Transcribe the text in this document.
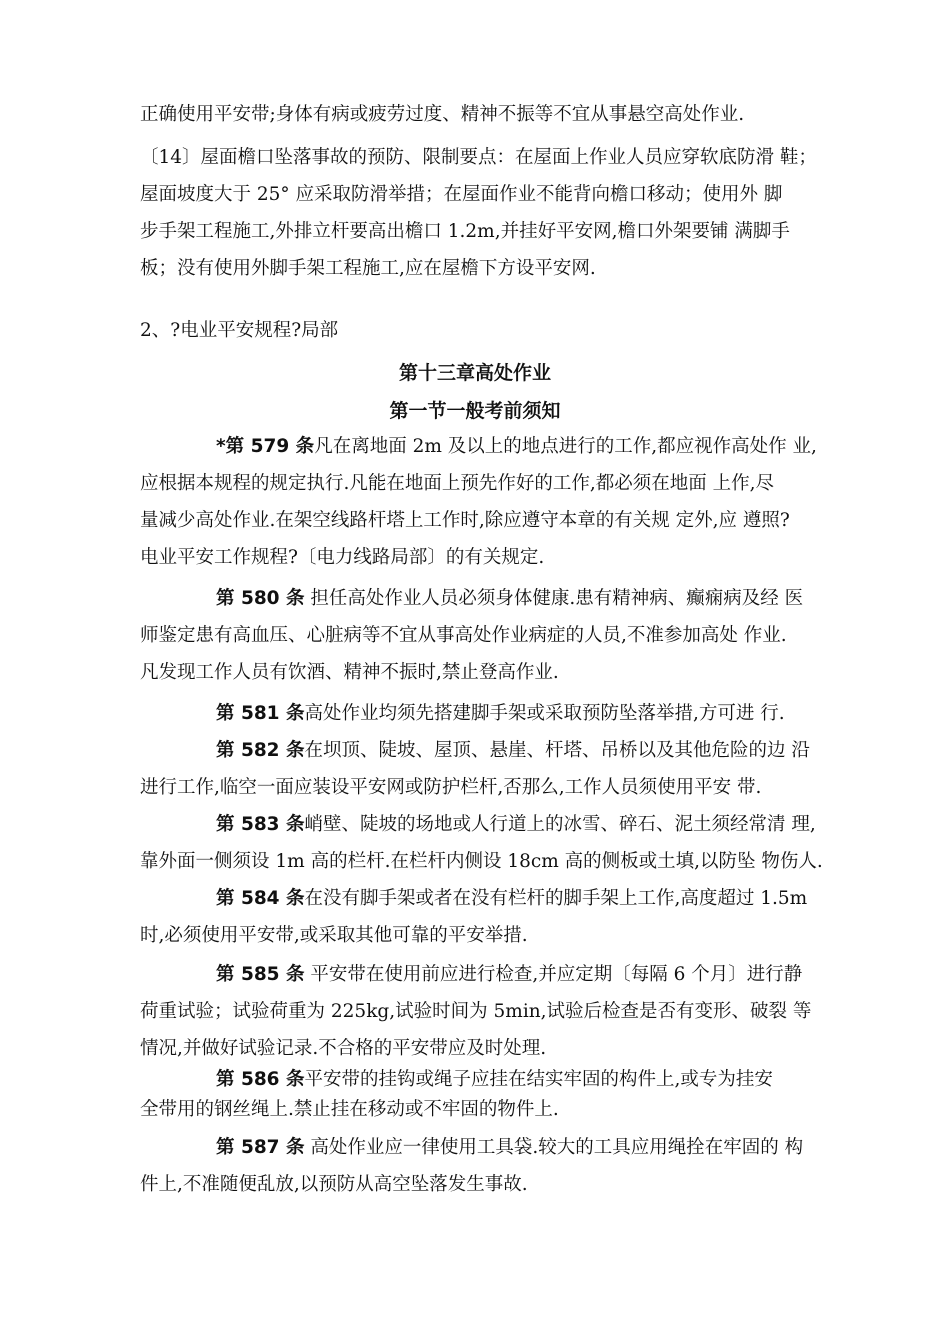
正确使用平安带;身体有病或疲劳过度、精神不振等不宜从事悬空高处作业.
〔14〕屋面檐口坠落事故的预防、限制要点：在屋面上作业人员应穿软底防滑 鞋；
屋面坡度大于 25° 应采取防滑举措；在屋面作业不能背向檐口移动；使用外 脚
步手架工程施工,外排立杆要高出檐口 1.2m,并挂好平安网,檐口外架要铺 满脚手
板；没有使用外脚手架工程施工,应在屋檐下方设平安网.
2、?电业平安规程?局部
第十三章高处作业
第一节一般考前须知
*第 579 条凡在离地面 2m 及以上的地点进行的工作,都应视作高处作 业,
应根据本规程的规定执行.凡能在地面上预先作好的工作,都必须在地面 上作,尽
量减少高处作业.在架空线路杆塔上工作时,除应遵守本章的有关规 定外,应 遵照?
电业平安工作规程?〔电力线路局部〕的有关规定.
第 580 条 担任高处作业人员必须身体健康.患有精神病、癫痫病及经 医
师鉴定患有高血压、心脏病等不宜从事高处作业病症的人员,不准参加高处 作业.
凡发现工作人员有饮酒、精神不振时,禁止登高作业.
第 581 条高处作业均须先搭建脚手架或采取预防坠落举措,方可进 行.
第 582 条在坝顶、陡坡、屋顶、悬崖、杆塔、吊桥以及其他危险的边 沿
进行工作,临空一面应装设平安网或防护栏杆,否那么,工作人员须使用平安 带.
第 583 条峭壁、陡坡的场地或人行道上的冰雪、碎石、泥土须经常清 理,
靠外面一侧须设 1m 高的栏杆.在栏杆内侧设 18cm 高的侧板或土填,以防坠 物伤人.
第 584 条在没有脚手架或者在没有栏杆的脚手架上工作,高度超过 1.5m
时,必须使用平安带,或采取其他可靠的平安举措.
第 585 条 平安带在使用前应进行检查,并应定期〔每隔 6 个月〕进行静
荷重试验；试验荷重为 225kg,试验时间为 5min,试验后检查是否有变形、破裂 等
情况,并做好试验记录.不合格的平安带应及时处理.
第 586 条平安带的挂钩或绳子应挂在结实牢固的构件上,或专为挂安
全带用的钢丝绳上.禁止挂在移动或不牢固的物件上.
第 587 条 高处作业应一律使用工具袋.较大的工具应用绳拴在牢固的 构
件上,不准随便乱放,以预防从高空坠落发生事故.
